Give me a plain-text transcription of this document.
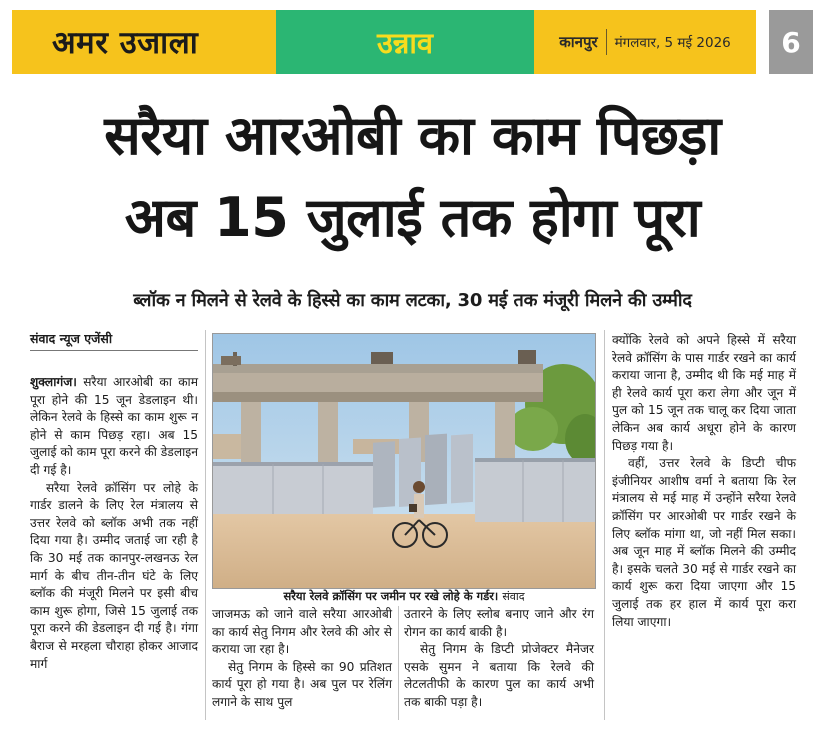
अमर उजाला	उन्नाव	कानपुर मंगलवार, 5 मई 2026 6
सरैया आरओबी का काम पिछड़ा
अब 15 जुलाई तक होगा पूरा
ब्लॉक न मिलने से रेलवे के हिस्से का काम लटका, 30 मई तक मंजूरी मिलने की उम्मीद
संवाद न्यूज एजेंसी

शुक्लागंज। सरैया आरओबी का काम पूरा होने की 15 जून डेडलाइन थी। लेकिन रेलवे के हिस्से का काम शुरू न होने से काम पिछड़ रहा। अब 15 जुलाई को काम पूरा करने की डेडलाइन दी गई है।

सरैया रेलवे क्रॉसिंग पर लोहे के गार्डर डालने के लिए रेल मंत्रालय से उत्तर रेलवे को ब्लॉक अभी तक नहीं दिया गया है। उम्मीद जताई जा रही है कि 30 मई तक कानपुर-लखनऊ रेल मार्ग के बीच तीन-तीन घंटे के लिए ब्लॉक की मंजूरी मिलने पर इसी बीच काम शुरू होगा, जिसे 15 जुलाई तक पूरा करने की डेडलाइन दी गई है। गंगा बैराज से मरहला चौराहा होकर आजाद मार्ग

सरैया रेलवे क्रॉसिंग पर जमीन पर रखे लोहे के गर्डर। संवाद

जाजमऊ को जाने वाले सरैया आरओबी का कार्य सेतु निगम और रेलवे की ओर से कराया जा रहा है।

सेतु निगम के हिस्से का 90 प्रतिशत कार्य पूरा हो गया है। अब पुल पर रेलिंग लगाने के साथ पुल

उतारने के लिए स्लोब बनाए जाने और रंग रोगन का कार्य बाकी है।

सेतु निगम के डिप्टी प्रोजेक्टर मैनेजर एसके सुमन ने बताया कि रेलवे की लेटलतीफी के कारण पुल का कार्य अभी तक बाकी पड़ा है।

क्योंकि रेलवे को अपने हिस्से में सरैया रेलवे क्रॉसिंग के पास गार्डर रखने का कार्य कराया जाना है, उम्मीद थी कि मई माह में ही रेलवे कार्य पूरा करा लेगा और जून में पुल को 15 जून तक चालू कर दिया जाता लेकिन अब कार्य अधूरा होने के कारण पिछड़ गया है।

वहीं, उत्तर रेलवे के डिप्टी चीफ इंजीनियर आशीष वर्मा ने बताया कि रेल मंत्रालय से मई माह में उन्होंने सरैया रेलवे क्रॉसिंग पर आरओबी पर गार्डर रखने के लिए ब्लॉक मांगा था, जो नहीं मिल सका। अब जून माह में ब्लॉक मिलने की उम्मीद है। इसके चलते 30 मई से गार्डर रखने का कार्य शुरू करा दिया जाएगा और 15 जुलाई तक हर हाल में कार्य पूरा करा लिया जाएगा।
